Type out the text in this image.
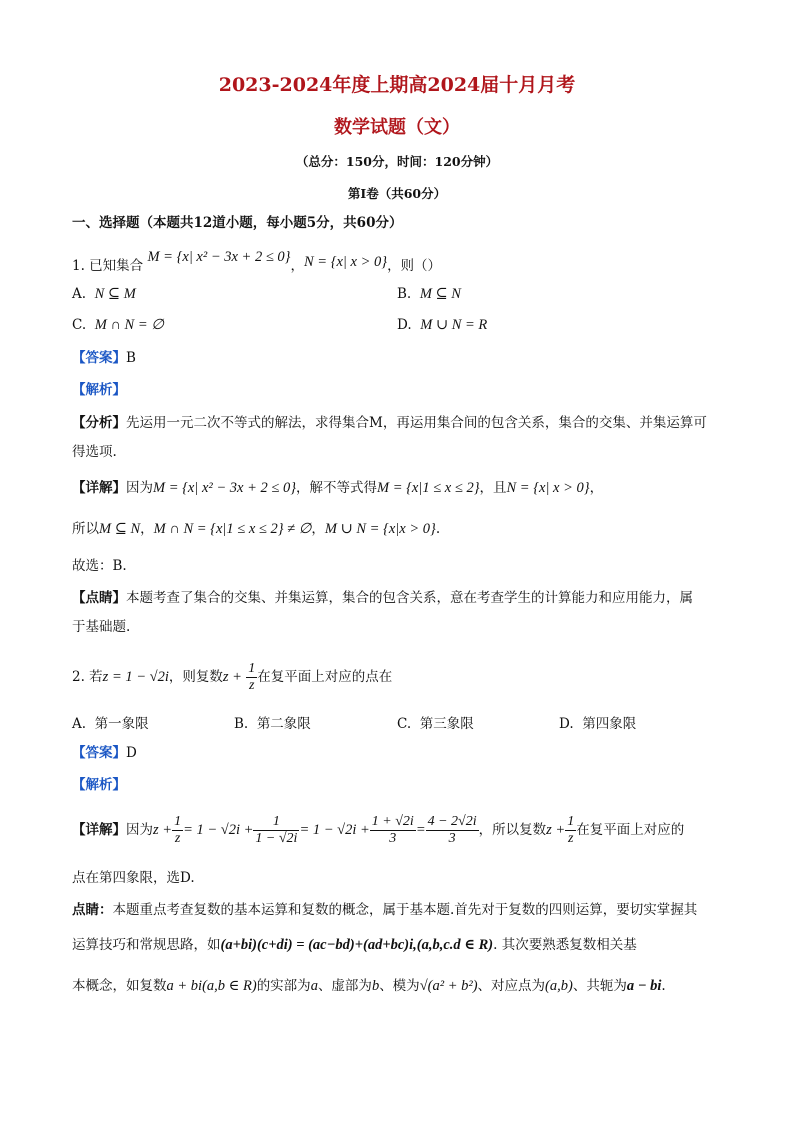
2023-2024年度上期高2024届十月月考
数学试题（文）
（总分：150分，时间：120分钟）
第Ⅰ卷（共60分）
一、选择题（本题共12道小题，每小题5分，共60分）
1. 已知集合 M = {x| x² − 3x + 2 ≤ 0}，N = {x| x > 0}，则（）
A. N ⊆ M	B. M ⊆ N
C. M ∩ N = ∅	D. M ∪ N = R
【答案】B
【解析】
【分析】先运用一元二次不等式的解法，求得集合M，再运用集合间的包含关系，集合的交集、并集运算可
得选项.
【详解】因为M = {x| x² − 3x + 2 ≤ 0}，解不等式得M = {x|1 ≤ x ≤ 2}，且N = {x| x > 0}，
所以M ⊆ N，M ∩ N = {x|1 ≤ x ≤ 2} ≠ ∅，M ∪ N = {x|x > 0}.
故选：B.
【点睛】本题考查了集合的交集、并集运算，集合的包含关系，意在考查学生的计算能力和应用能力，属
于基础题.
2. 若z = 1 − √2i，则复数$z + \frac{1}{z}$ 在复平面上对应的点在
A. 第一象限	B. 第二象限	C. 第三象限	D. 第四象限
【答案】D
【解析】
【详解】因为$z + \frac{1}{z} = 1 - √2i + \frac{1}{1 - √2i} = 1 - √2i + \frac{1 + √2i}{3} = \frac{4 - 2√2i}{3}$ ，所以复数$z + \frac{1}{z}$ 在复平面上对应的
点在第四象限，选D.
点睛：本题重点考查复数的基本运算和复数的概念，属于基本题.首先对于复数的四则运算，要切实掌握其
运算技巧和常规思路，如(a+bi)(c+di) = (ac−bd)+(ad+bc)i,(a,b,c.d ∈ R). 其次要熟悉复数相关基
本概念，如复数a + bi(a,b ∈ R)的实部为a、虚部为b、模为√(a² + b²)、对应点为(a,b)、共轭为a − bi.
